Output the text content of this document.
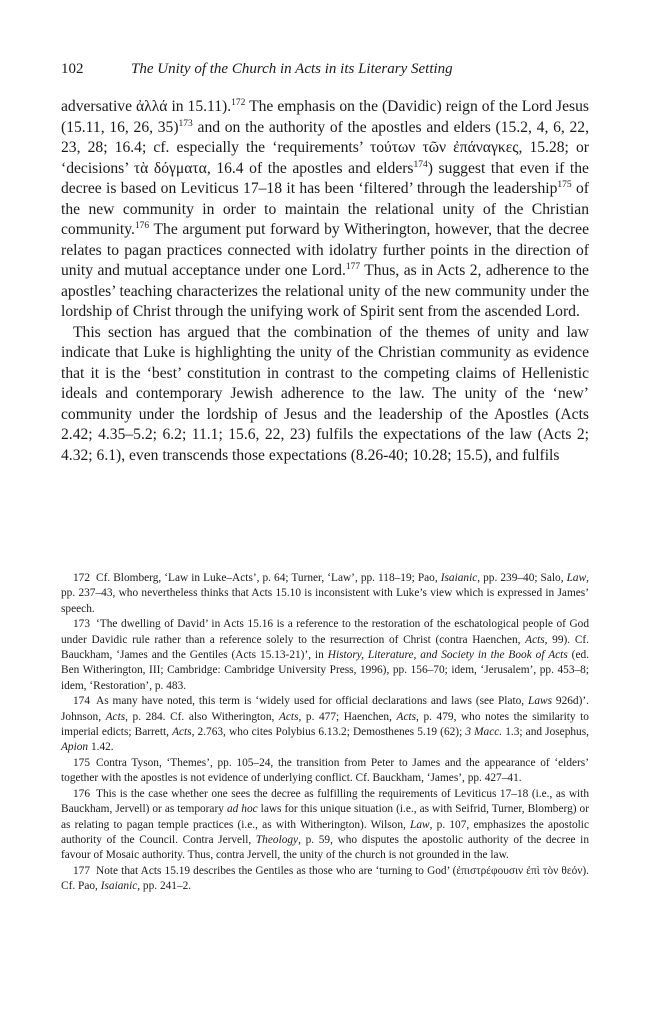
102	The Unity of the Church in Acts in its Literary Setting

adversative ἀλλά in 15.11).$^{172}$ The emphasis on the (Davidic) reign of the Lord Jesus (15.11, 16, 26, 35)$^{173}$ and on the authority of the apostles and elders (15.2, 4, 6, 22, 23, 28; 16.4; cf. especially the ‘requirements’ τούτων τῶν ἐπάναγκες, 15.28; or ‘decisions’ τὰ δόγματα, 16.4 of the apostles and elders$^{174}$) suggest that even if the decree is based on Leviticus 17–18 it has been ‘filtered’ through the leadership$^{175}$ of the new community in order to maintain the relational unity of the Christian community.$^{176}$ The argument put forward by Witherington, however, that the decree relates to pagan practices connected with idolatry further points in the direction of unity and mutual acceptance under one Lord.$^{177}$ Thus, as in Acts 2, adherence to the apostles’ teaching characterizes the relational unity of the new community under the lordship of Christ through the unifying work of Spirit sent from the ascended Lord.

This section has argued that the combination of the themes of unity and law indicate that Luke is highlighting the unity of the Christian community as evidence that it is the ‘best’ constitution in contrast to the competing claims of Hellenistic ideals and contemporary Jewish adherence to the law. The unity of the ‘new’ community under the lordship of Jesus and the leadership of the Apostles (Acts 2.42; 4.35–5.2; 6.2; 11.1; 15.6, 22, 23) fulfils the expectations of the law (Acts 2; 4.32; 6.1), even transcends those expectations (8.26-40; 10.28; 15.5), and fulfils

172 Cf. Blomberg, ‘Law in Luke–Acts’, p. 64; Turner, ‘Law’, pp. 118–19; Pao, Isaianic, pp. 239–40; Salo, Law, pp. 237–43, who nevertheless thinks that Acts 15.10 is inconsistent with Luke’s view which is expressed in James’ speech.

173 ‘The dwelling of David’ in Acts 15.16 is a reference to the restoration of the eschatological people of God under Davidic rule rather than a reference solely to the resurrection of Christ (contra Haenchen, Acts, 99). Cf. Bauckham, ‘James and the Gentiles (Acts 15.13-21)’, in History, Literature, and Society in the Book of Acts (ed. Ben Witherington, III; Cambridge: Cambridge University Press, 1996), pp. 156–70; idem, ‘Jerusalem’, pp. 453–8; idem, ‘Restoration’, p. 483.

174 As many have noted, this term is ‘widely used for official declarations and laws (see Plato, Laws 926d)’. Johnson, Acts, p. 284. Cf. also Witherington, Acts, p. 477; Haenchen, Acts, p. 479, who notes the similarity to imperial edicts; Barrett, Acts, 2.763, who cites Polybius 6.13.2; Demosthenes 5.19 (62); 3 Macc. 1.3; and Josephus, Apion 1.42.

175 Contra Tyson, ‘Themes’, pp. 105–24, the transition from Peter to James and the appearance of ‘elders’ together with the apostles is not evidence of underlying conflict. Cf. Bauckham, ‘James’, pp. 427–41.

176 This is the case whether one sees the decree as fulfilling the requirements of Leviticus 17–18 (i.e., as with Bauckham, Jervell) or as temporary ad hoc laws for this unique situation (i.e., as with Seifrid, Turner, Blomberg) or as relating to pagan temple practices (i.e., as with Witherington). Wilson, Law, p. 107, emphasizes the apostolic authority of the Council. Contra Jervell, Theology, p. 59, who disputes the apostolic authority of the decree in favour of Mosaic authority. Thus, contra Jervell, the unity of the church is not grounded in the law.

177 Note that Acts 15.19 describes the Gentiles as those who are ‘turning to God’ (ἐπιστρέφουσιν ἐπὶ τὸν θεόν). Cf. Pao, Isaianic, pp. 241–2.
